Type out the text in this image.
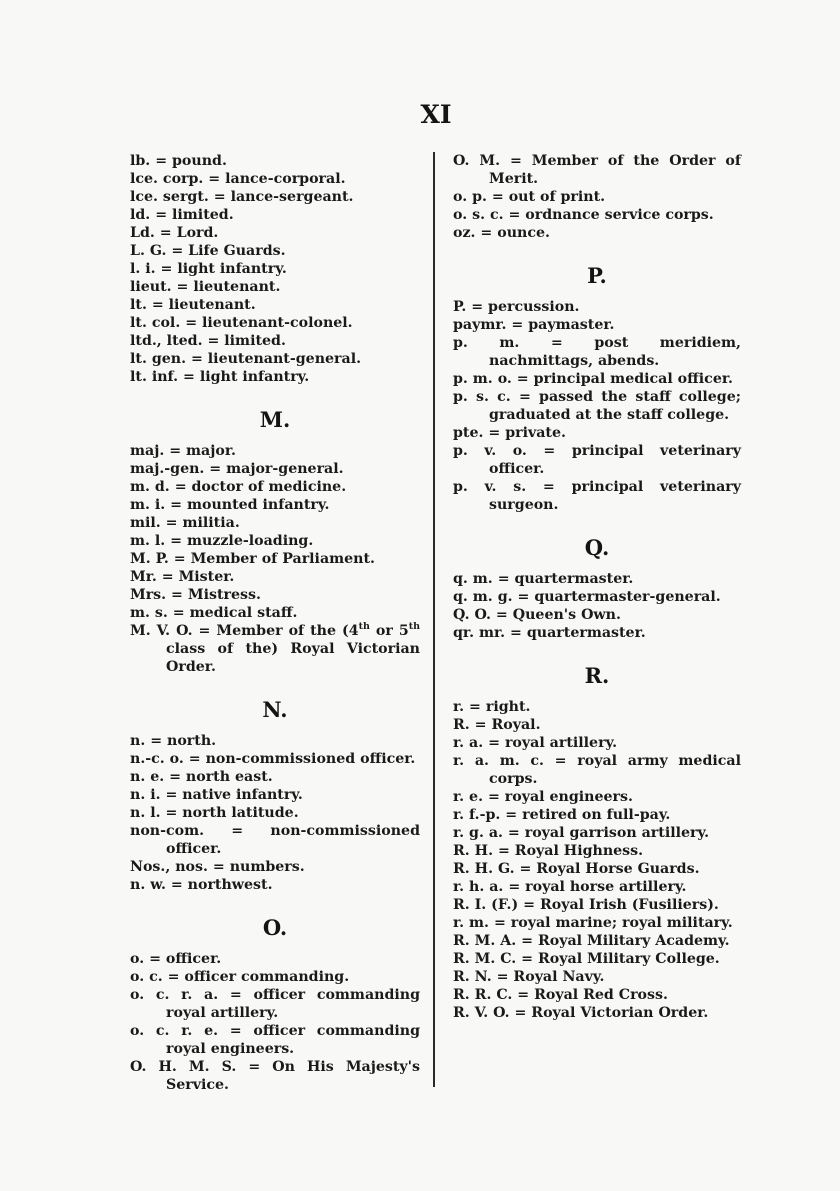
XI

lb. = pound.

lce. corp. = lance-corporal.

lce. sergt. = lance-sergeant.

ld. = limited.

Ld. = Lord.

L. G. = Life Guards.

l. i. = light infantry.

lieut. = lieutenant.

lt. = lieutenant.

lt. col. = lieutenant-colonel.

ltd., lted. = limited.

lt. gen. = lieutenant-general.

lt. inf. = light infantry.

M.

maj. = major.

maj.-gen. = major-general.

m. d. = doctor of medicine.

m. i. = mounted infantry.

mil. = militia.

m. l. = muzzle-loading.

M. P. = Member of Parliament.

Mr. = Mister.

Mrs. = Mistress.

m. s. = medical staff.

M. V. O. = Member of the (4th or 5th class of the) Royal Victorian Order.

N.

n. = north.

n.-c. o. = non-commissioned officer.

n. e. = north east.

n. i. = native infantry.

n. l. = north latitude.

non-com. = non-commissioned officer.

Nos., nos. = numbers.

n. w. = northwest.

O.

o. = officer.

o. c. = officer commanding.

o. c. r. a. = officer commanding royal artillery.

o. c. r. e. = officer commanding royal engineers.

O. H. M. S. = On His Majesty's Service.

O. M. = Member of the Order of Merit.

o. p. = out of print.

o. s. c. = ordnance service corps.

oz. = ounce.

P.

P. = percussion.

paymr. = paymaster.

p. m. = post meridiem, nachmittags, abends.

p. m. o. = principal medical officer.

p. s. c. = passed the staff college; graduated at the staff college.

pte. = private.

p. v. o. = principal veterinary officer.

p. v. s. = principal veterinary surgeon.

Q.

q. m. = quartermaster.

q. m. g. = quartermaster-general.

Q. O. = Queen's Own.

qr. mr. = quartermaster.

R.

r. = right.

R. = Royal.

r. a. = royal artillery.

r. a. m. c. = royal army medical corps.

r. e. = royal engineers.

r. f.-p. = retired on full-pay.

r. g. a. = royal garrison artillery.

R. H. = Royal Highness.

R. H. G. = Royal Horse Guards.

r. h. a. = royal horse artillery.

R. I. (F.) = Royal Irish (Fusiliers).

r. m. = royal marine; royal military.

R. M. A. = Royal Military Academy.

R. M. C. = Royal Military College.

R. N. = Royal Navy.

R. R. C. = Royal Red Cross.

R. V. O. = Royal Victorian Order.
